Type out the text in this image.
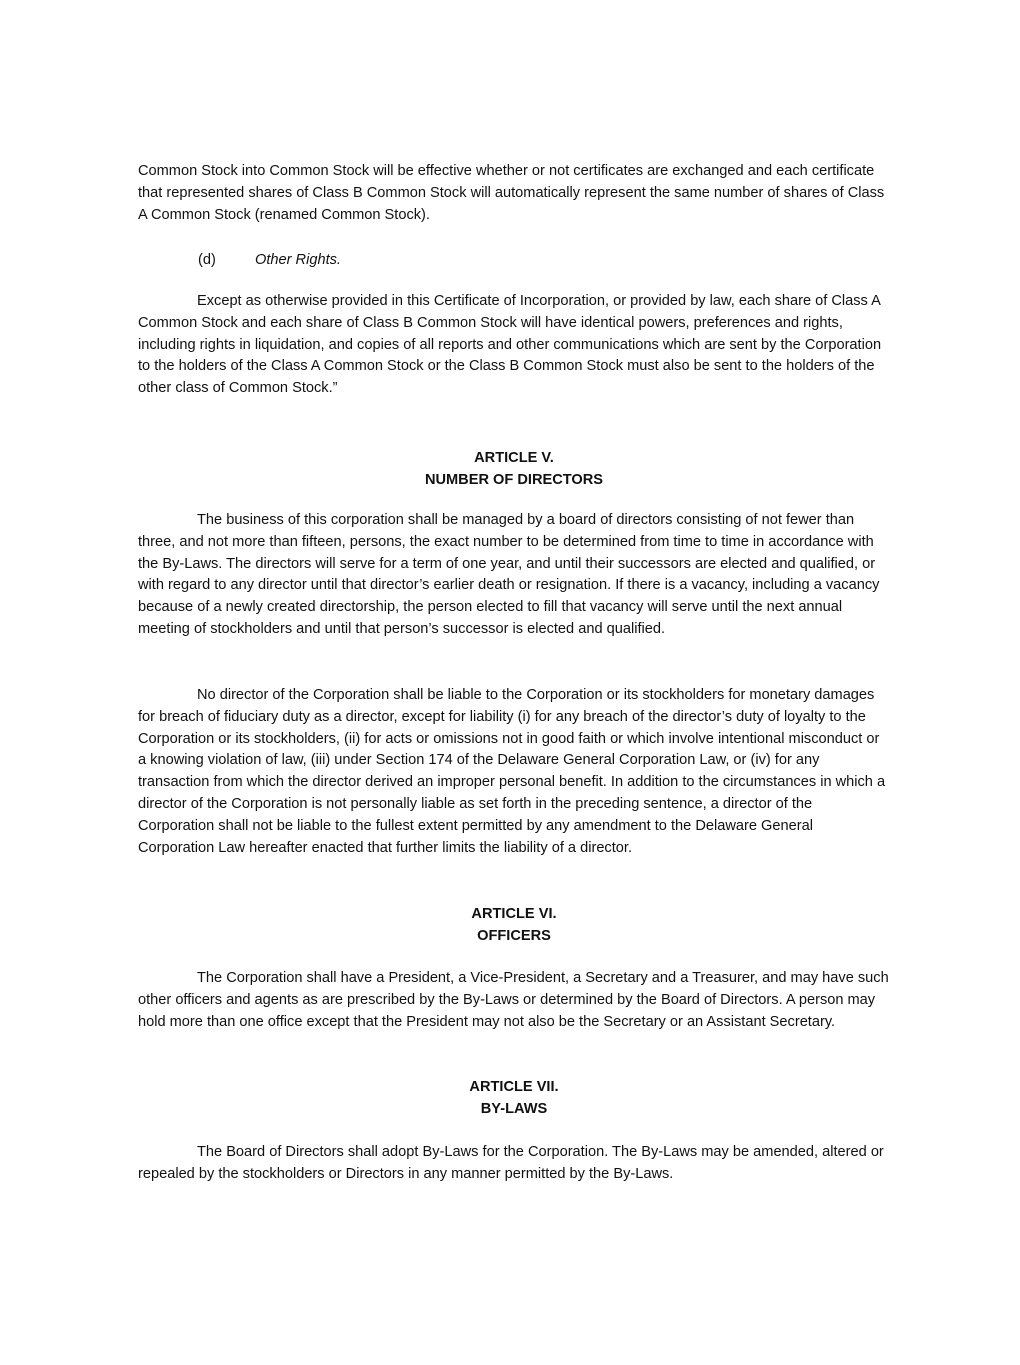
Common Stock into Common Stock will be effective whether or not certificates are exchanged and each certificate that represented shares of Class B Common Stock will automatically represent the same number of shares of Class A Common Stock (renamed Common Stock).

(d)	Other Rights.

Except as otherwise provided in this Certificate of Incorporation, or provided by law, each share of Class A Common Stock and each share of Class B Common Stock will have identical powers, preferences and rights, including rights in liquidation, and copies of all reports and other communications which are sent by the Corporation to the holders of the Class A Common Stock or the Class B Common Stock must also be sent to the holders of the other class of Common Stock.”

ARTICLE V.
NUMBER OF DIRECTORS

The business of this corporation shall be managed by a board of directors consisting of not fewer than three, and not more than fifteen, persons, the exact number to be determined from time to time in accordance with the By-Laws. The directors will serve for a term of one year, and until their successors are elected and qualified, or with regard to any director until that director’s earlier death or resignation. If there is a vacancy, including a vacancy because of a newly created directorship, the person elected to fill that vacancy will serve until the next annual meeting of stockholders and until that person’s successor is elected and qualified.

No director of the Corporation shall be liable to the Corporation or its stockholders for monetary damages for breach of fiduciary duty as a director, except for liability (i) for any breach of the director’s duty of loyalty to the Corporation or its stockholders, (ii) for acts or omissions not in good faith or which involve intentional misconduct or a knowing violation of law, (iii) under Section 174 of the Delaware General Corporation Law, or (iv) for any transaction from which the director derived an improper personal benefit. In addition to the circumstances in which a director of the Corporation is not personally liable as set forth in the preceding sentence, a director of the Corporation shall not be liable to the fullest extent permitted by any amendment to the Delaware General Corporation Law hereafter enacted that further limits the liability of a director.

ARTICLE VI.
OFFICERS

The Corporation shall have a President, a Vice-President, a Secretary and a Treasurer, and may have such other officers and agents as are prescribed by the By-Laws or determined by the Board of Directors. A person may hold more than one office except that the President may not also be the Secretary or an Assistant Secretary.

ARTICLE VII.
BY-LAWS

The Board of Directors shall adopt By-Laws for the Corporation. The By-Laws may be amended, altered or repealed by the stockholders or Directors in any manner permitted by the By-Laws.
